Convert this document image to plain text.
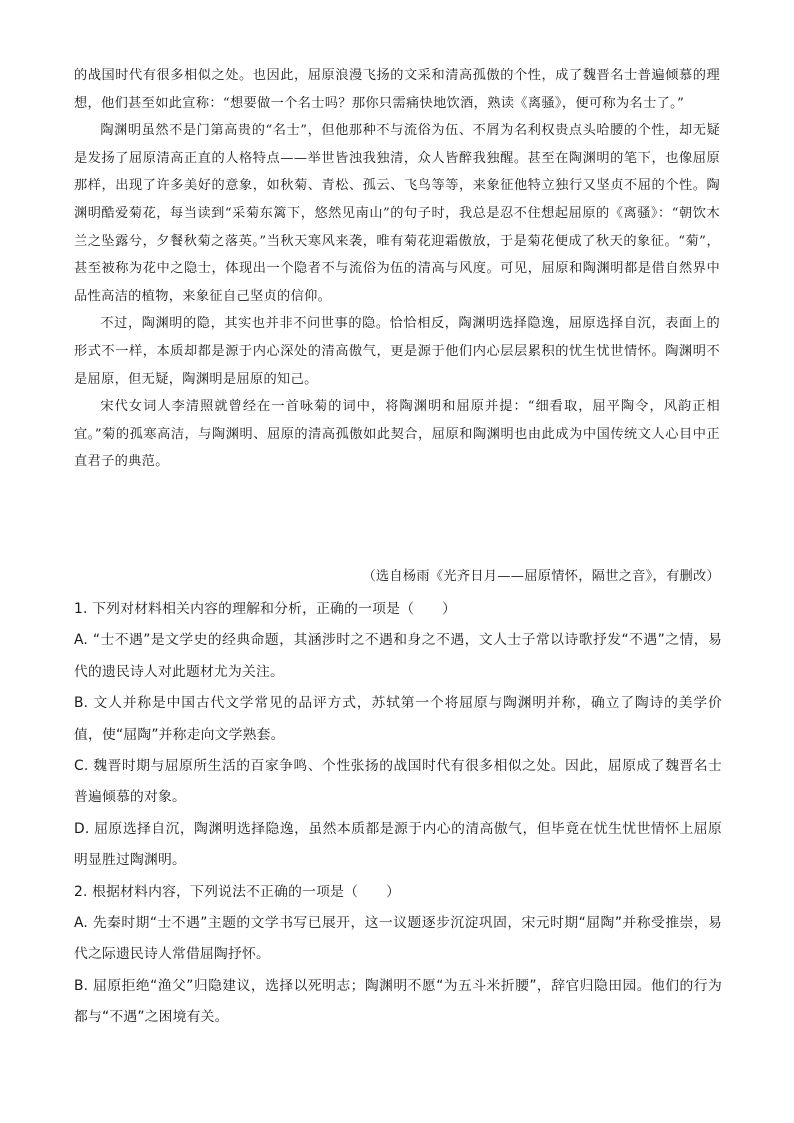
的战国时代有很多相似之处。也因此，屈原浪漫飞扬的文采和清高孤傲的个性，成了魏晋名士普遍倾慕的理想，他们甚至如此宣称：“想要做一个名士吗？那你只需痛快地饮酒，熟读《离骚》，便可称为名士了。”

陶渊明虽然不是门第高贵的“名士”，但他那种不与流俗为伍、不屑为名利权贵点头哈腰的个性，却无疑是发扬了屈原清高正直的人格特点——举世皆浊我独清，众人皆醉我独醒。甚至在陶渊明的笔下，也像屈原那样，出现了许多美好的意象，如秋菊、青松、孤云、飞鸟等等，来象征他特立独行又坚贞不屈的个性。陶渊明酷爱菊花，每当读到“采菊东篱下，悠然见南山”的句子时，我总是忍不住想起屈原的《离骚》：“朝饮木兰之坠露兮，夕餐秋菊之落英。”当秋天寒风来袭，唯有菊花迎霜傲放，于是菊花便成了秋天的象征。“菊”，甚至被称为花中之隐士，体现出一个隐者不与流俗为伍的清高与风度。可见，屈原和陶渊明都是借自然界中品性高洁的植物，来象征自己坚贞的信仰。

不过，陶渊明的隐，其实也并非不问世事的隐。恰恰相反，陶渊明选择隐逸，屈原选择自沉，表面上的形式不一样，本质却都是源于内心深处的清高傲气，更是源于他们内心层层累积的忧生忧世情怀。陶渊明不是屈原，但无疑，陶渊明是屈原的知己。

宋代女词人李清照就曾经在一首咏菊的词中，将陶渊明和屈原并提：“细看取，屈平陶令，风韵正相宜。”菊的孤寒高洁，与陶渊明、屈原的清高孤傲如此契合，屈原和陶渊明也由此成为中国传统文人心目中正直君子的典范。

（选自杨雨《光齐日月——屈原情怀，隔世之音》，有删改）

1. 下列对材料相关内容的理解和分析，正确的一项是（　　）

A. “士不遇”是文学史的经典命题，其涵涉时之不遇和身之不遇，文人士子常以诗歌抒发“不遇”之情，易代的遗民诗人对此题材尤为关注。

B. 文人并称是中国古代文学常见的品评方式，苏轼第一个将屈原与陶渊明并称，确立了陶诗的美学价值，使“屈陶”并称走向文学熟套。

C. 魏晋时期与屈原所生活的百家争鸣、个性张扬的战国时代有很多相似之处。因此，屈原成了魏晋名士普遍倾慕的对象。

D. 屈原选择自沉，陶渊明选择隐逸，虽然本质都是源于内心的清高傲气，但毕竟在忧生忧世情怀上屈原明显胜过陶渊明。

2. 根据材料内容，下列说法不正确的一项是（　　）

A. 先秦时期“士不遇”主题的文学书写已展开，这一议题逐步沉淀巩固，宋元时期“屈陶”并称受推崇，易代之际遗民诗人常借屈陶抒怀。

B. 屈原拒绝“渔父”归隐建议，选择以死明志；陶渊明不愿“为五斗米折腰”，辞官归隐田园。他们的行为都与“不遇”之困境有关。
